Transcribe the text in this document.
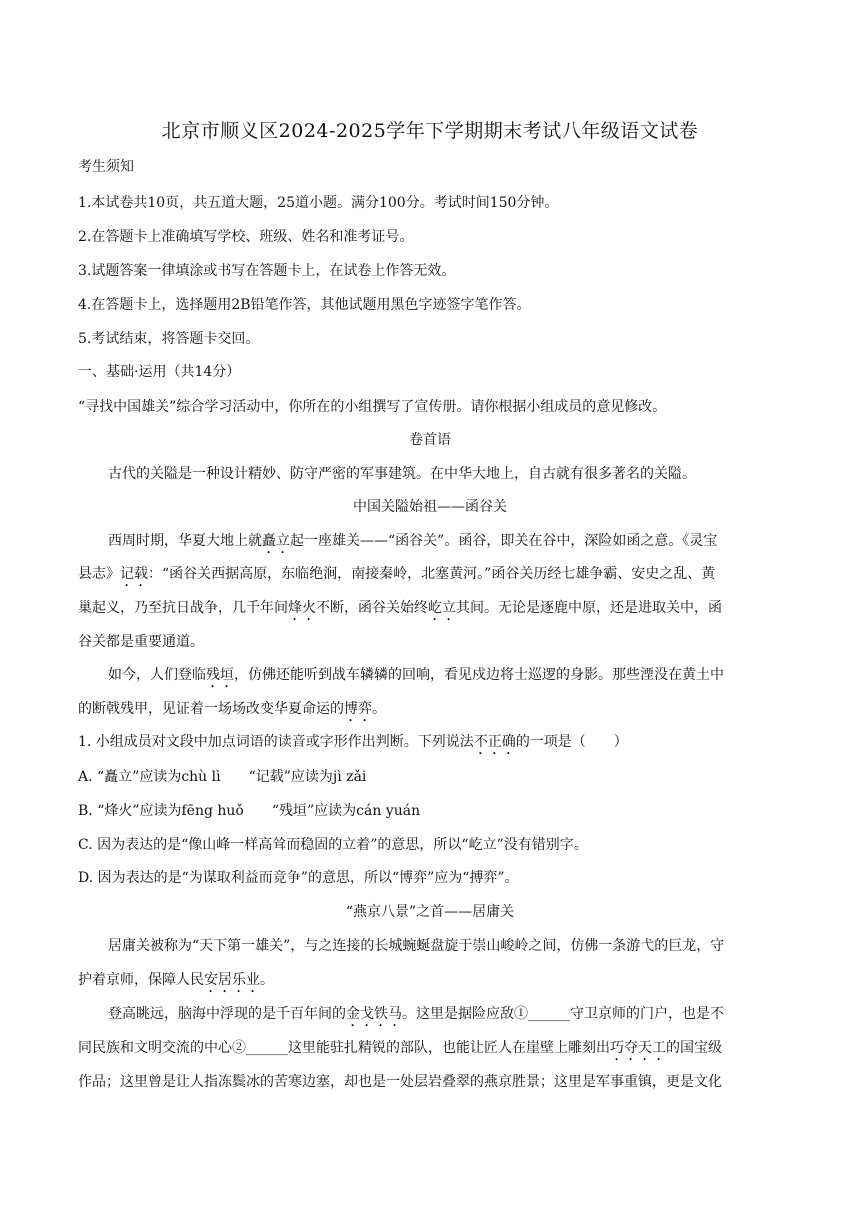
北京市顺义区2024-2025学年下学期期末考试八年级语文试卷
考生须知
1.本试卷共10页，共五道大题，25道小题。满分100分。考试时间150分钟。
2.在答题卡上准确填写学校、班级、姓名和准考证号。
3.试题答案一律填涂或书写在答题卡上，在试卷上作答无效。
4.在答题卡上，选择题用2B铅笔作答，其他试题用黑色字迹签字笔作答。
5.考试结束，将答题卡交回。
一、基础·运用（共14分）
“寻找中国雄关”综合学习活动中，你所在的小组撰写了宣传册。请你根据小组成员的意见修改。
卷首语
古代的关隘是一种设计精妙、防守严密的军事建筑。在中华大地上，自古就有很多著名的关隘。
中国关隘始祖——函谷关
西周时期，华夏大地上就矗立起一座雄关——“函谷关”。函谷，即关在谷中，深险如函之意。《灵宝
县志》记载：“函谷关西据高原，东临绝涧，南接秦岭，北塞黄河。”函谷关历经七雄争霸、安史之乱、黄
巢起义，乃至抗日战争，几千年间烽火不断，函谷关始终屹立其间。无论是逐鹿中原，还是进取关中，函
谷关都是重要通道。
如今，人们登临残垣，仿佛还能听到战车辚辚的回响，看见戍边将士巡逻的身影。那些湮没在黄土中
的断戟残甲，见证着一场场改变华夏命运的博弈。
1. 小组成员对文段中加点词语的读音或字形作出判断。下列说法不正确的一项是（　　）
A. “矗立”应读为chù lì　　“记载”应读为jì zǎi
B. “烽火”应读为fēng huǒ　　“残垣”应读为cán yuán
C. 因为表达的是“像山峰一样高耸而稳固的立着”的意思，所以“屹立”没有错别字。
D. 因为表达的是“为谋取利益而竞争”的意思，所以“博弈”应为“搏弈”。
“燕京八景”之首——居庸关
居庸关被称为“天下第一雄关”，与之连接的长城蜿蜒盘旋于崇山峻岭之间，仿佛一条游弋的巨龙，守
护着京师，保障人民安居乐业。
登高眺远，脑海中浮现的是千百年间的金戈铁马。这里是据险应敌①______守卫京师的门户，也是不
同民族和文明交流的中心②______这里能驻扎精锐的部队，也能让匠人在崖壁上雕刻出巧夺天工的国宝级
作品；这里曾是让人指冻鬓冰的苦寒边塞，却也是一处层岩叠翠的燕京胜景；这里是军事重镇，更是文化
